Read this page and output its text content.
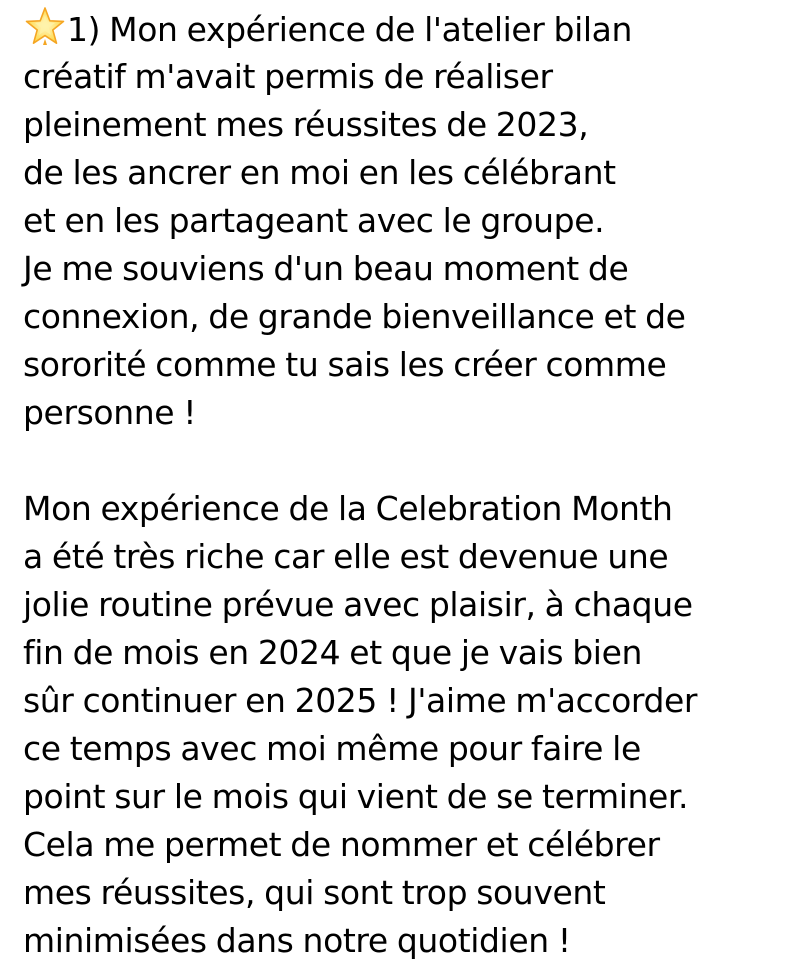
1) Mon expérience de l'atelier bilan
créatif m'avait permis de réaliser
pleinement mes réussites de 2023,
de les ancrer en moi en les célébrant
et en les partageant avec le groupe.
Je me souviens d'un beau moment de
connexion, de grande bienveillance et de
sororité comme tu sais les créer comme
personne !
Mon expérience de la Celebration Month
a été très riche car elle est devenue une
jolie routine prévue avec plaisir, à chaque
fin de mois en 2024 et que je vais bien
sûr continuer en 2025 ! J'aime m'accorder
ce temps avec moi même pour faire le
point sur le mois qui vient de se terminer.
Cela me permet de nommer et célébrer
mes réussites, qui sont trop souvent
minimisées dans notre quotidien !
